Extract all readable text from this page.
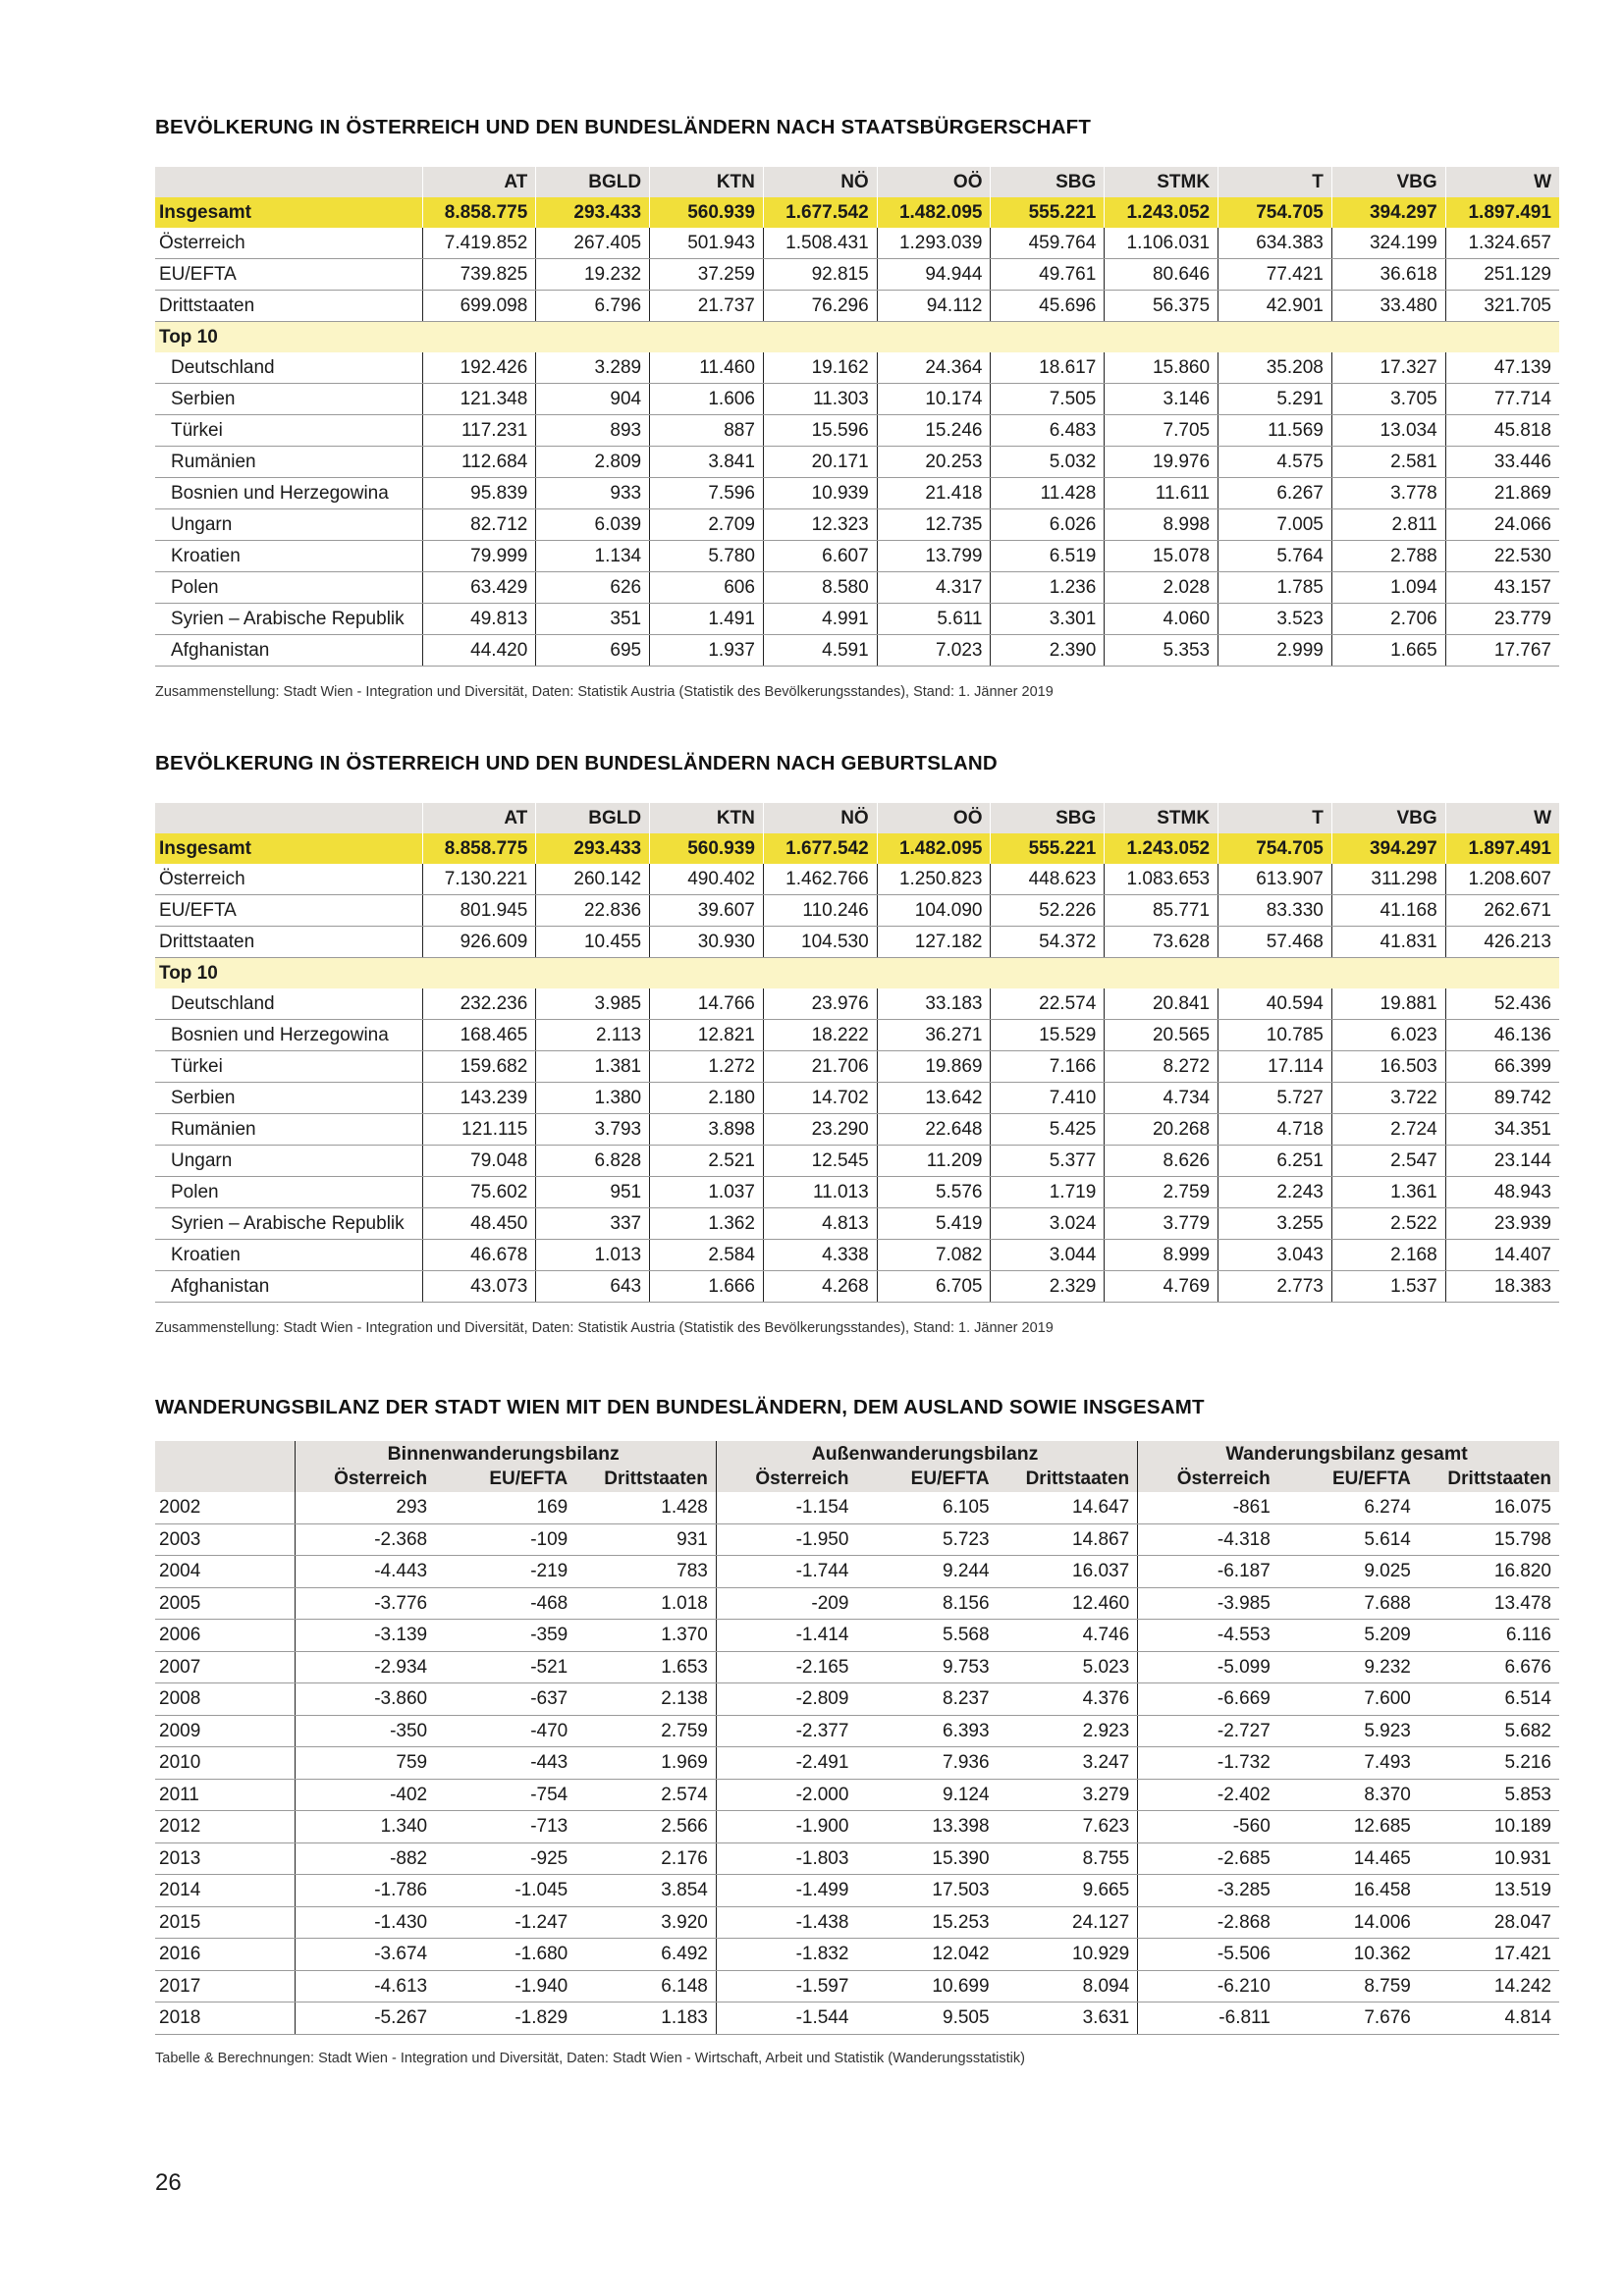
BEVÖLKERUNG IN ÖSTERREICH UND DEN BUNDESLÄNDERN NACH STAATSBÜRGERSCHAFT
	AT	BGLD	KTN	NÖ	OÖ	SBG	STMK	T	VBG	W
Insgesamt	8.858.775	293.433	560.939	1.677.542	1.482.095	555.221	1.243.052	754.705	394.297	1.897.491
Österreich	7.419.852	267.405	501.943	1.508.431	1.293.039	459.764	1.106.031	634.383	324.199	1.324.657
EU/EFTA	739.825	19.232	37.259	92.815	94.944	49.761	80.646	77.421	36.618	251.129
Drittstaaten	699.098	6.796	21.737	76.296	94.112	45.696	56.375	42.901	33.480	321.705
Top 10										
Deutschland	192.426	3.289	11.460	19.162	24.364	18.617	15.860	35.208	17.327	47.139
Serbien	121.348	904	1.606	11.303	10.174	7.505	3.146	5.291	3.705	77.714
Türkei	117.231	893	887	15.596	15.246	6.483	7.705	11.569	13.034	45.818
Rumänien	112.684	2.809	3.841	20.171	20.253	5.032	19.976	4.575	2.581	33.446
Bosnien und Herzegowina	95.839	933	7.596	10.939	21.418	11.428	11.611	6.267	3.778	21.869
Ungarn	82.712	6.039	2.709	12.323	12.735	6.026	8.998	7.005	2.811	24.066
Kroatien	79.999	1.134	5.780	6.607	13.799	6.519	15.078	5.764	2.788	22.530
Polen	63.429	626	606	8.580	4.317	1.236	2.028	1.785	1.094	43.157
Syrien – Arabische Republik	49.813	351	1.491	4.991	5.611	3.301	4.060	3.523	2.706	23.779
Afghanistan	44.420	695	1.937	4.591	7.023	2.390	5.353	2.999	1.665	17.767
Zusammenstellung: Stadt Wien - Integration und Diversität, Daten: Statistik Austria (Statistik des Bevölkerungsstandes), Stand: 1. Jänner 2019
BEVÖLKERUNG IN ÖSTERREICH UND DEN BUNDESLÄNDERN NACH GEBURTSLAND
	AT	BGLD	KTN	NÖ	OÖ	SBG	STMK	T	VBG	W
Insgesamt	8.858.775	293.433	560.939	1.677.542	1.482.095	555.221	1.243.052	754.705	394.297	1.897.491
Österreich	7.130.221	260.142	490.402	1.462.766	1.250.823	448.623	1.083.653	613.907	311.298	1.208.607
EU/EFTA	801.945	22.836	39.607	110.246	104.090	52.226	85.771	83.330	41.168	262.671
Drittstaaten	926.609	10.455	30.930	104.530	127.182	54.372	73.628	57.468	41.831	426.213
Top 10										
Deutschland	232.236	3.985	14.766	23.976	33.183	22.574	20.841	40.594	19.881	52.436
Bosnien und Herzegowina	168.465	2.113	12.821	18.222	36.271	15.529	20.565	10.785	6.023	46.136
Türkei	159.682	1.381	1.272	21.706	19.869	7.166	8.272	17.114	16.503	66.399
Serbien	143.239	1.380	2.180	14.702	13.642	7.410	4.734	5.727	3.722	89.742
Rumänien	121.115	3.793	3.898	23.290	22.648	5.425	20.268	4.718	2.724	34.351
Ungarn	79.048	6.828	2.521	12.545	11.209	5.377	8.626	6.251	2.547	23.144
Polen	75.602	951	1.037	11.013	5.576	1.719	2.759	2.243	1.361	48.943
Syrien – Arabische Republik	48.450	337	1.362	4.813	5.419	3.024	3.779	3.255	2.522	23.939
Kroatien	46.678	1.013	2.584	4.338	7.082	3.044	8.999	3.043	2.168	14.407
Afghanistan	43.073	643	1.666	4.268	6.705	2.329	4.769	2.773	1.537	18.383
Zusammenstellung: Stadt Wien - Integration und Diversität, Daten: Statistik Austria (Statistik des Bevölkerungsstandes), Stand: 1. Jänner 2019
WANDERUNGSBILANZ DER STADT WIEN MIT DEN BUNDESLÄNDERN, DEM AUSLAND SOWIE INSGESAMT
	Binnenwanderungsbilanz			Außenwanderungsbilanz			Wanderungsbilanz gesamt		
	Österreich	EU/EFTA	Drittstaaten	Österreich	EU/EFTA	Drittstaaten	Österreich	EU/EFTA	Drittstaaten
2002	293	169	1.428	-1.154	6.105	14.647	-861	6.274	16.075
2003	-2.368	-109	931	-1.950	5.723	14.867	-4.318	5.614	15.798
2004	-4.443	-219	783	-1.744	9.244	16.037	-6.187	9.025	16.820
2005	-3.776	-468	1.018	-209	8.156	12.460	-3.985	7.688	13.478
2006	-3.139	-359	1.370	-1.414	5.568	4.746	-4.553	5.209	6.116
2007	-2.934	-521	1.653	-2.165	9.753	5.023	-5.099	9.232	6.676
2008	-3.860	-637	2.138	-2.809	8.237	4.376	-6.669	7.600	6.514
2009	-350	-470	2.759	-2.377	6.393	2.923	-2.727	5.923	5.682
2010	759	-443	1.969	-2.491	7.936	3.247	-1.732	7.493	5.216
2011	-402	-754	2.574	-2.000	9.124	3.279	-2.402	8.370	5.853
2012	1.340	-713	2.566	-1.900	13.398	7.623	-560	12.685	10.189
2013	-882	-925	2.176	-1.803	15.390	8.755	-2.685	14.465	10.931
2014	-1.786	-1.045	3.854	-1.499	17.503	9.665	-3.285	16.458	13.519
2015	-1.430	-1.247	3.920	-1.438	15.253	24.127	-2.868	14.006	28.047
2016	-3.674	-1.680	6.492	-1.832	12.042	10.929	-5.506	10.362	17.421
2017	-4.613	-1.940	6.148	-1.597	10.699	8.094	-6.210	8.759	14.242
2018	-5.267	-1.829	1.183	-1.544	9.505	3.631	-6.811	7.676	4.814
Tabelle & Berechnungen: Stadt Wien - Integration und Diversität, Daten: Stadt Wien - Wirtschaft, Arbeit und Statistik (Wanderungsstatistik)
26
